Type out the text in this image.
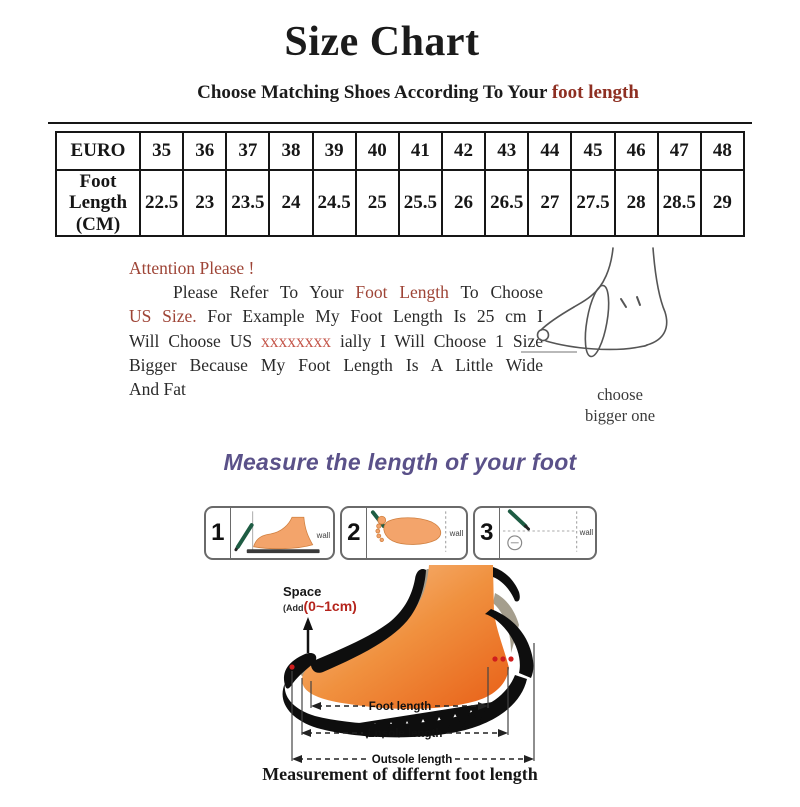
Size Chart
Choose Matching Shoes According To Your foot length
EURO	35	36	37	38	39	40	41	42	43	44	45	46	47	48
Foot
Length
(CM)	22.5	23	23.5	24	24.5	25	25.5	26	26.5	27	27.5	28	28.5	29
Attention Please !
Please Refer To Your Foot Length To Choose
US Size. For Example My Foot Length Is 25 cm I
Will Choose US xxxxxxxx ially I Will Choose 1 Size
Bigger Because My Foot Length Is A Little Wide
And Fat	choose
bigger one
Measure the length of your foot
1	wall 2	wall 3	wall
Space
(Add(0~1cm)
Foot length
Lnsole length
Outsole length
Measurement of differnt foot length
